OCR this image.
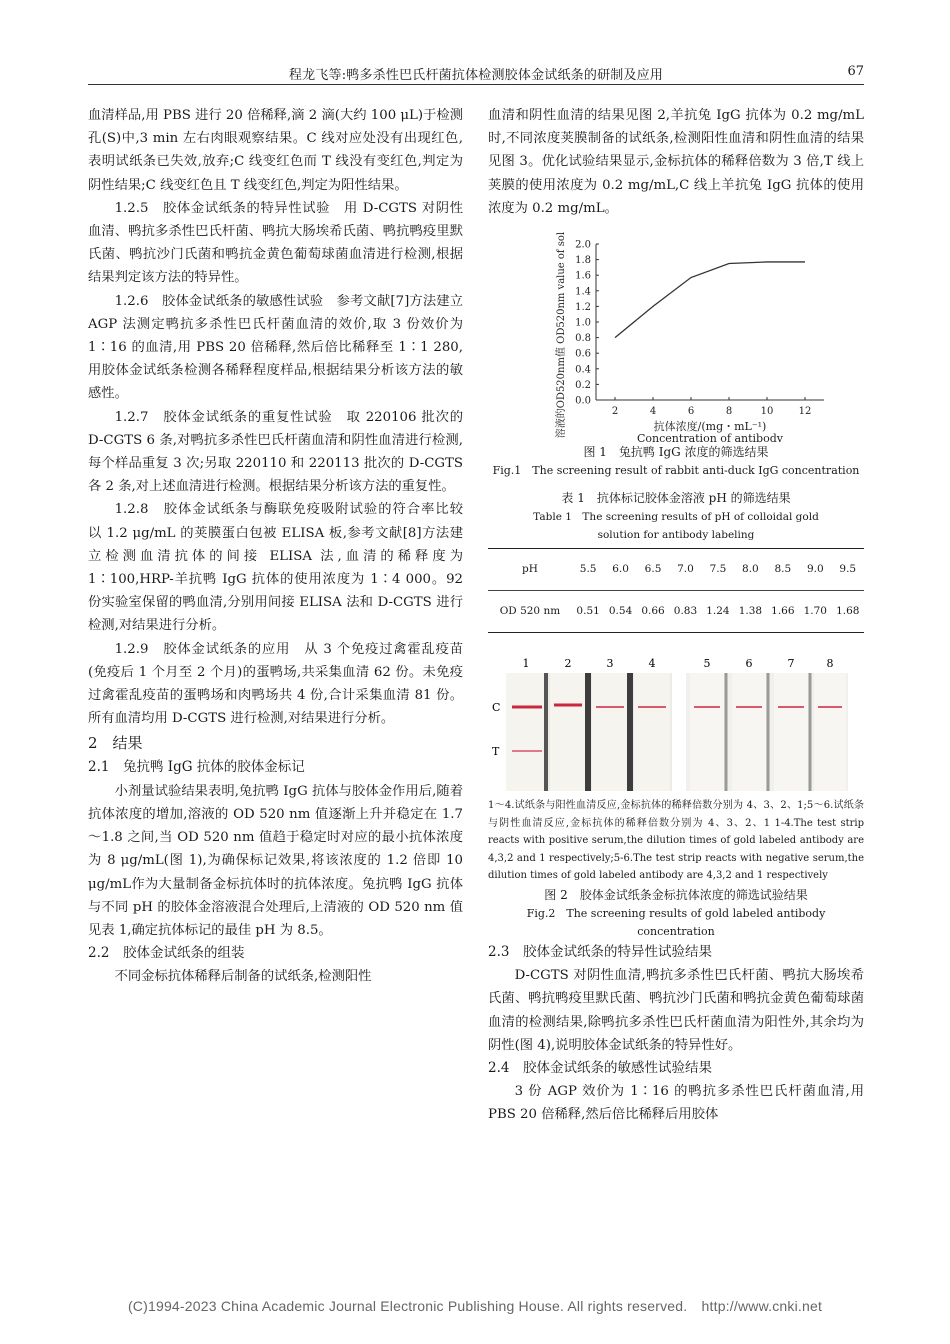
程龙飞等:鸭多杀性巴氏杆菌抗体检测胶体金试纸条的研制及应用	67

血清样品,用 PBS 进行 20 倍稀释,滴 2 滴(大约 100 μL)于检测孔(S)中,3 min 左右肉眼观察结果。C 线对应处没有出现红色,表明试纸条已失效,放弃;C 线变红色而 T 线没有变红色,判定为阴性结果;C 线变红色且 T 线变红色,判定为阳性结果。

1.2.5　胶体金试纸条的特异性试验　用 D-CGTS 对阴性血清、鸭抗多杀性巴氏杆菌、鸭抗大肠埃希氏菌、鸭抗鸭疫里默氏菌、鸭抗沙门氏菌和鸭抗金黄色葡萄球菌血清进行检测,根据结果判定该方法的特异性。

1.2.6　胶体金试纸条的敏感性试验　参考文献[7]方法建立 AGP 法测定鸭抗多杀性巴氏杆菌血清的效价,取 3 份效价为 1∶16 的血清,用 PBS 20 倍稀释,然后倍比稀释至 1∶1 280,用胶体金试纸条检测各稀释程度样品,根据结果分析该方法的敏感性。

1.2.7　胶体金试纸条的重复性试验　取 220106 批次的 D-CGTS 6 条,对鸭抗多杀性巴氏杆菌血清和阴性血清进行检测,每个样品重复 3 次;另取 220110 和 220113 批次的 D-CGTS 各 2 条,对上述血清进行检测。根据结果分析该方法的重复性。

1.2.8　胶体金试纸条与酶联免疫吸附试验的符合率比较　以 1.2 μg/mL 的荚膜蛋白包被 ELISA 板,参考文献[8]方法建立检测血清抗体的间接 ELISA 法,血清的稀释度为 1∶100,HRP-羊抗鸭 IgG 抗体的使用浓度为 1∶4 000。92 份实验室保留的鸭血清,分别用间接 ELISA 法和 D-CGTS 进行检测,对结果进行分析。

1.2.9　胶体金试纸条的应用　从 3 个免疫过禽霍乱疫苗(免疫后 1 个月至 2 个月)的蛋鸭场,共采集血清 62 份。未免疫过禽霍乱疫苗的蛋鸭场和肉鸭场共 4 份,合计采集血清 81 份。所有血清均用 D-CGTS 进行检测,对结果进行分析。

2　结果
2.1　兔抗鸭 IgG 抗体的胶体金标记

小剂量试验结果表明,兔抗鸭 IgG 抗体与胶体金作用后,随着抗体浓度的增加,溶液的 OD 520 nm 值逐渐上升并稳定在 1.7～1.8 之间,当 OD 520 nm 值趋于稳定时对应的最小抗体浓度为 8 μg/mL(图 1),为确保标记效果,将该浓度的 1.2 倍即 10 μg/mL作为大量制备金标抗体时的抗体浓度。兔抗鸭 IgG 抗体与不同 pH 的胶体金溶液混合处理后,上清液的 OD 520 nm 值见表 1,确定抗体标记的最佳 pH 为 8.5。

2.2　胶体金试纸条的组装

不同金标抗体稀释后制备的试纸条,检测阳性

血清和阴性血清的结果见图 2,羊抗兔 IgG 抗体为 0.2 mg/mL 时,不同浓度荚膜制备的试纸条,检测阳性血清和阴性血清的结果见图 3。优化试验结果显示,金标抗体的稀释倍数为 3 倍,T 线上荚膜的使用浓度为 0.2 mg/mL,C 线上羊抗兔 IgG 抗体的使用浓度为 0.2 mg/mL。

0.0
0.2
0.4
0.6
0.8
1.0
1.2
1.4
1.6
1.8
2.0
2	4	6	8	10	12
抗体浓度/(mg・mL⁻¹)
Concentration of antibody
溶液的OD520nm值 OD520nm value of solution
图 1　兔抗鸭 IgG 浓度的筛选结果
Fig.1　The screening result of rabbit anti-duck IgG concentration
表 1　抗体标记胶体金溶液 pH 的筛选结果
Table 1　The screening results of pH of colloidal gold
solution for antibody labeling
pH	5.5	6.0	6.5	7.0	7.5	8.0	8.5	9.0	9.5
OD 520 nm	0.51	0.54	0.66	0.83	1.24	1.38	1.66	1.70	1.68
1	2	3	4	5	6	7	8
C
T
1～4.试纸条与阳性血清反应,金标抗体的稀释倍数分别为 4、3、2、1;5～6.试纸条与阴性血清反应,金标抗体的稀释倍数分别为 4、3、2、1 1-4.The test strip reacts with positive serum,the dilution times of gold labeled antibody are 4,3,2 and 1 respectively;5-6.The test strip reacts with negative serum,the dilution times of gold labeled antibody are 4,3,2 and 1 respectively
图 2　胶体金试纸条金标抗体浓度的筛选试验结果
Fig.2　The screening results of gold labeled antibody concentration
2.3　胶体金试纸条的特异性试验结果

D-CGTS 对阴性血清,鸭抗多杀性巴氏杆菌、鸭抗大肠埃希氏菌、鸭抗鸭疫里默氏菌、鸭抗沙门氏菌和鸭抗金黄色葡萄球菌血清的检测结果,除鸭抗多杀性巴氏杆菌血清为阳性外,其余均为阴性(图 4),说明胶体金试纸条的特异性好。

2.4　胶体金试纸条的敏感性试验结果

3 份 AGP 效价为 1∶16 的鸭抗多杀性巴氏杆菌血清,用 PBS 20 倍稀释,然后倍比稀释后用胶体

(C)1994-2023 China Academic Journal Electronic Publishing House. All rights reserved.　http://www.cnki.net
